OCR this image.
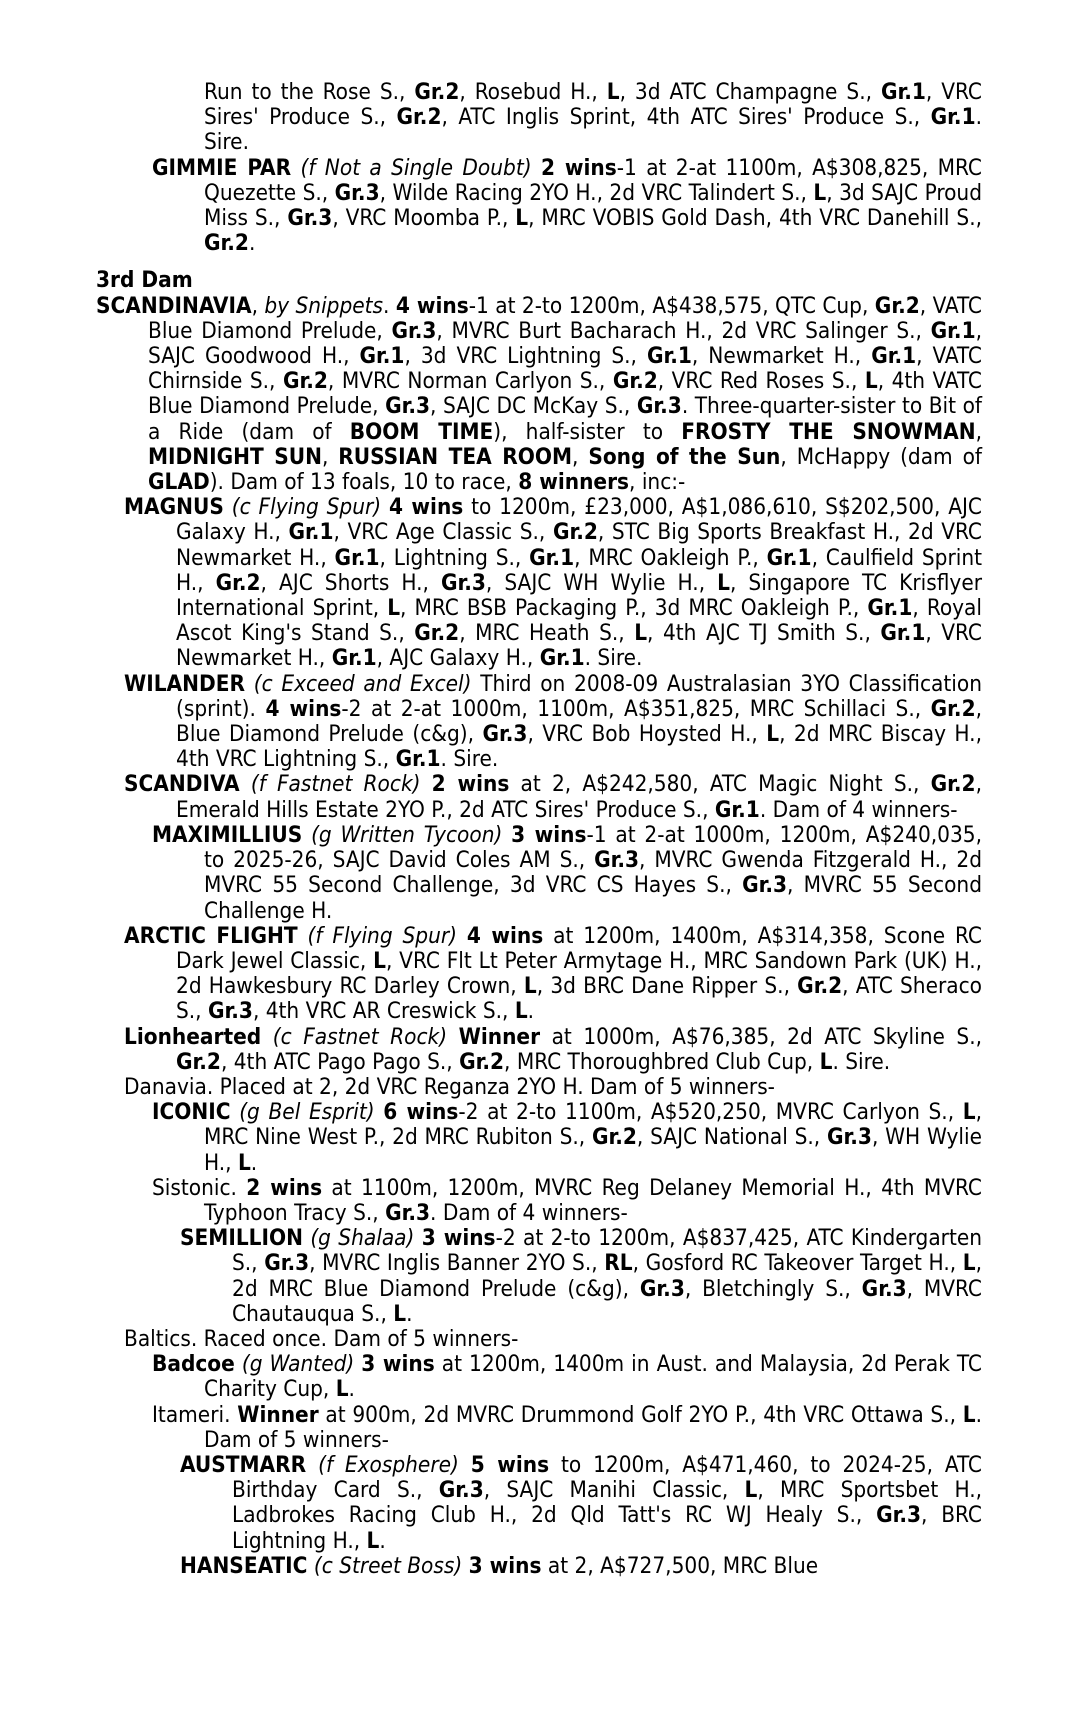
Run to the Rose S., Gr.2, Rosebud H., L, 3d ATC Champagne S., Gr.1, VRC Sires' Produce S., Gr.2, ATC Inglis Sprint, 4th ATC Sires' Produce S., Gr.1. Sire.

GIMMIE PAR (f Not a Single Doubt) 2 wins-1 at 2-at 1100m, A$308,825, MRC Quezette S., Gr.3, Wilde Racing 2YO H., 2d VRC Talindert S., L, 3d SAJC Proud Miss S., Gr.3, VRC Moomba P., L, MRC VOBIS Gold Dash, 4th VRC Danehill S., Gr.2.

3rd Dam

SCANDINAVIA, by Snippets. 4 wins-1 at 2-to 1200m, A$438,575, QTC Cup, Gr.2, VATC Blue Diamond Prelude, Gr.3, MVRC Burt Bacharach H., 2d VRC Salinger S., Gr.1, SAJC Goodwood H., Gr.1, 3d VRC Lightning S., Gr.1, Newmarket H., Gr.1, VATC Chirnside S., Gr.2, MVRC Norman Carlyon S., Gr.2, VRC Red Roses S., L, 4th VATC Blue Diamond Prelude, Gr.3, SAJC DC McKay S., Gr.3. Three-quarter-sister to Bit of a Ride (dam of BOOM TIME), half-sister to FROSTY THE SNOWMAN, MIDNIGHT SUN, RUSSIAN TEA ROOM, Song of the Sun, McHappy (dam of GLAD). Dam of 13 foals, 10 to race, 8 winners, inc:-

MAGNUS (c Flying Spur) 4 wins to 1200m, £23,000, A$1,086,610, S$202,500, AJC Galaxy H., Gr.1, VRC Age Classic S., Gr.2, STC Big Sports Breakfast H., 2d VRC Newmarket H., Gr.1, Lightning S., Gr.1, MRC Oakleigh P., Gr.1, Caulfield Sprint H., Gr.2, AJC Shorts H., Gr.3, SAJC WH Wylie H., L, Singapore TC Krisflyer International Sprint, L, MRC BSB Packaging P., 3d MRC Oakleigh P., Gr.1, Royal Ascot King's Stand S., Gr.2, MRC Heath S., L, 4th AJC TJ Smith S., Gr.1, VRC Newmarket H., Gr.1, AJC Galaxy H., Gr.1. Sire.

WILANDER (c Exceed and Excel) Third on 2008-09 Australasian 3YO Classification (sprint). 4 wins-2 at 2-at 1000m, 1100m, A$351,825, MRC Schillaci S., Gr.2, Blue Diamond Prelude (c&g), Gr.3, VRC Bob Hoysted H., L, 2d MRC Biscay H., 4th VRC Lightning S., Gr.1. Sire.

SCANDIVA (f Fastnet Rock) 2 wins at 2, A$242,580, ATC Magic Night S., Gr.2, Emerald Hills Estate 2YO P., 2d ATC Sires' Produce S., Gr.1. Dam of 4 winners-

MAXIMILLIUS (g Written Tycoon) 3 wins-1 at 2-at 1000m, 1200m, A$240,035, to 2025-26, SAJC David Coles AM S., Gr.3, MVRC Gwenda Fitzgerald H., 2d MVRC 55 Second Challenge, 3d VRC CS Hayes S., Gr.3, MVRC 55 Second Challenge H.

ARCTIC FLIGHT (f Flying Spur) 4 wins at 1200m, 1400m, A$314,358, Scone RC Dark Jewel Classic, L, VRC Flt Lt Peter Armytage H., MRC Sandown Park (UK) H., 2d Hawkesbury RC Darley Crown, L, 3d BRC Dane Ripper S., Gr.2, ATC Sheraco S., Gr.3, 4th VRC AR Creswick S., L.

Lionhearted (c Fastnet Rock) Winner at 1000m, A$76,385, 2d ATC Skyline S., Gr.2, 4th ATC Pago Pago S., Gr.2, MRC Thoroughbred Club Cup, L. Sire.

Danavia. Placed at 2, 2d VRC Reganza 2YO H. Dam of 5 winners-

ICONIC (g Bel Esprit) 6 wins-2 at 2-to 1100m, A$520,250, MVRC Carlyon S., L, MRC Nine West P., 2d MRC Rubiton S., Gr.2, SAJC National S., Gr.3, WH Wylie H., L.

Sistonic. 2 wins at 1100m, 1200m, MVRC Reg Delaney Memorial H., 4th MVRC Typhoon Tracy S., Gr.3. Dam of 4 winners-

SEMILLION (g Shalaa) 3 wins-2 at 2-to 1200m, A$837,425, ATC Kindergarten S., Gr.3, MVRC Inglis Banner 2YO S., RL, Gosford RC Takeover Target H., L, 2d MRC Blue Diamond Prelude (c&g), Gr.3, Bletchingly S., Gr.3, MVRC Chautauqua S., L.

Baltics. Raced once. Dam of 5 winners-

Badcoe (g Wanted) 3 wins at 1200m, 1400m in Aust. and Malaysia, 2d Perak TC Charity Cup, L.

Itameri. Winner at 900m, 2d MVRC Drummond Golf 2YO P., 4th VRC Ottawa S., L. Dam of 5 winners-

AUSTMARR (f Exosphere) 5 wins to 1200m, A$471,460, to 2024-25, ATC Birthday Card S., Gr.3, SAJC Manihi Classic, L, MRC Sportsbet H., Ladbrokes Racing Club H., 2d Qld Tatt's RC WJ Healy S., Gr.3, BRC Lightning H., L.

HANSEATIC (c Street Boss) 3 wins at 2, A$727,500, MRC Blue
